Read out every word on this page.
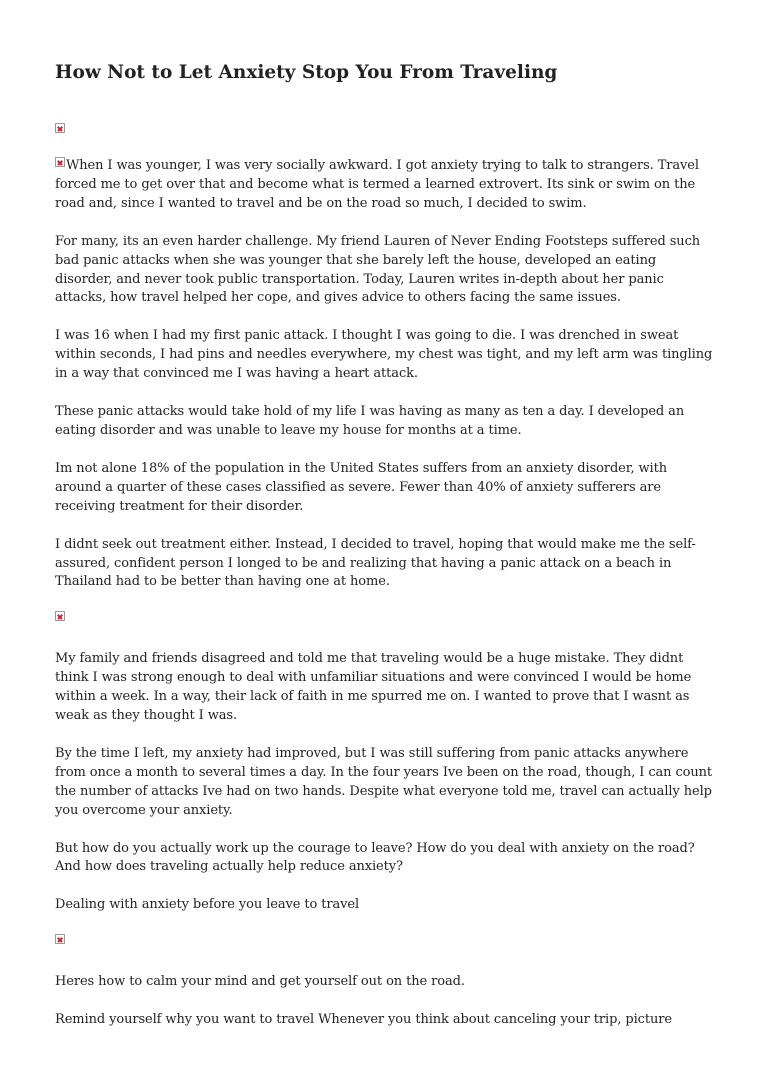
How Not to Let Anxiety Stop You From Traveling

When I was younger, I was very socially awkward. I got anxiety trying to talk to strangers. Travel forced me to get over that and become what is termed a learned extrovert. Its sink or swim on the road and, since I wanted to travel and be on the road so much, I decided to swim.

For many, its an even harder challenge. My friend Lauren of Never Ending Footsteps suffered such bad panic attacks when she was younger that she barely left the house, developed an eating disorder, and never took public transportation. Today, Lauren writes in-depth about her panic attacks, how travel helped her cope, and gives advice to others facing the same issues.

I was 16 when I had my first panic attack. I thought I was going to die. I was drenched in sweat within seconds, I had pins and needles everywhere, my chest was tight, and my left arm was tingling in a way that convinced me I was having a heart attack.

These panic attacks would take hold of my life I was having as many as ten a day. I developed an eating disorder and was unable to leave my house for months at a time.

Im not alone 18% of the population in the United States suffers from an anxiety disorder, with around a quarter of these cases classified as severe. Fewer than 40% of anxiety sufferers are receiving treatment for their disorder.

I didnt seek out treatment either. Instead, I decided to travel, hoping that would make me the self-assured, confident person I longed to be and realizing that having a panic attack on a beach in Thailand had to be better than having one at home.

My family and friends disagreed and told me that traveling would be a huge mistake. They didnt think I was strong enough to deal with unfamiliar situations and were convinced I would be home within a week. In a way, their lack of faith in me spurred me on. I wanted to prove that I wasnt as weak as they thought I was.

By the time I left, my anxiety had improved, but I was still suffering from panic attacks anywhere from once a month to several times a day. In the four years Ive been on the road, though, I can count the number of attacks Ive had on two hands. Despite what everyone told me, travel can actually help you overcome your anxiety.

But how do you actually work up the courage to leave? How do you deal with anxiety on the road? And how does traveling actually help reduce anxiety?

Dealing with anxiety before you leave to travel

Heres how to calm your mind and get yourself out on the road.

Remind yourself why you want to travel Whenever you think about canceling your trip, picture
